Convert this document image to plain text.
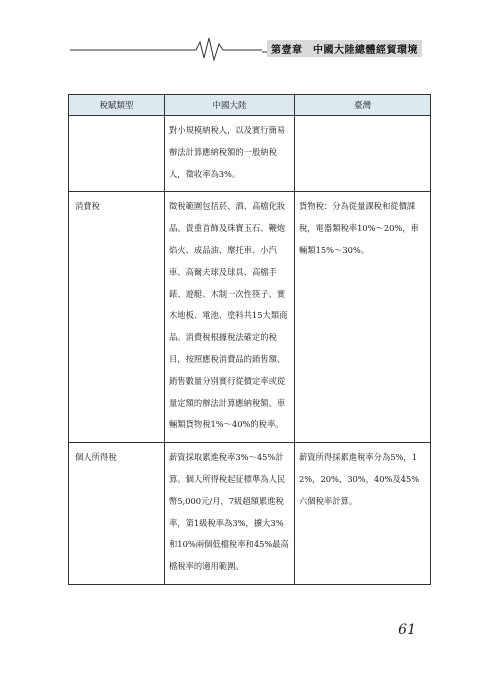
第壹章　中國大陸總體經貿環境
稅賦類型	中國大陸	臺灣
	對小規模納稅人，以及實行簡易辦法計算應納稅額的一般納稅人，徵收率為3%。	
消費稅	徵稅範圍包括菸、酒、高檔化妝品、貴重首飾及珠寶玉石、鞭炮焰火、成品油、摩托車、小汽車、高爾夫球及球具、高檔手錶、遊艇、木制一次性筷子、實木地板、電池、塗料共15大類商品。消費稅根據稅法確定的稅目，按照應稅消費品的銷售額、銷售數量分別實行從價定率或從量定額的辦法計算應納稅額。車輛類貨物稅1%～40%的稅率。	貨物稅：分為從量課稅和從價課稅，電器類稅率10%～20%，車輛類15%～30%。
個人所得稅	薪資採取累進稅率3%～45%計算。個人所得稅起征標準為人民幣5,000元/月，7級超額累進稅率，第1級稅率為3%，擴大3%和10%兩個低檔稅率和45%最高檔稅率的適用範圍。	薪資所得採累進稅率分為5%，12%，20%，30%，40%及45%六個稅率計算。
61
